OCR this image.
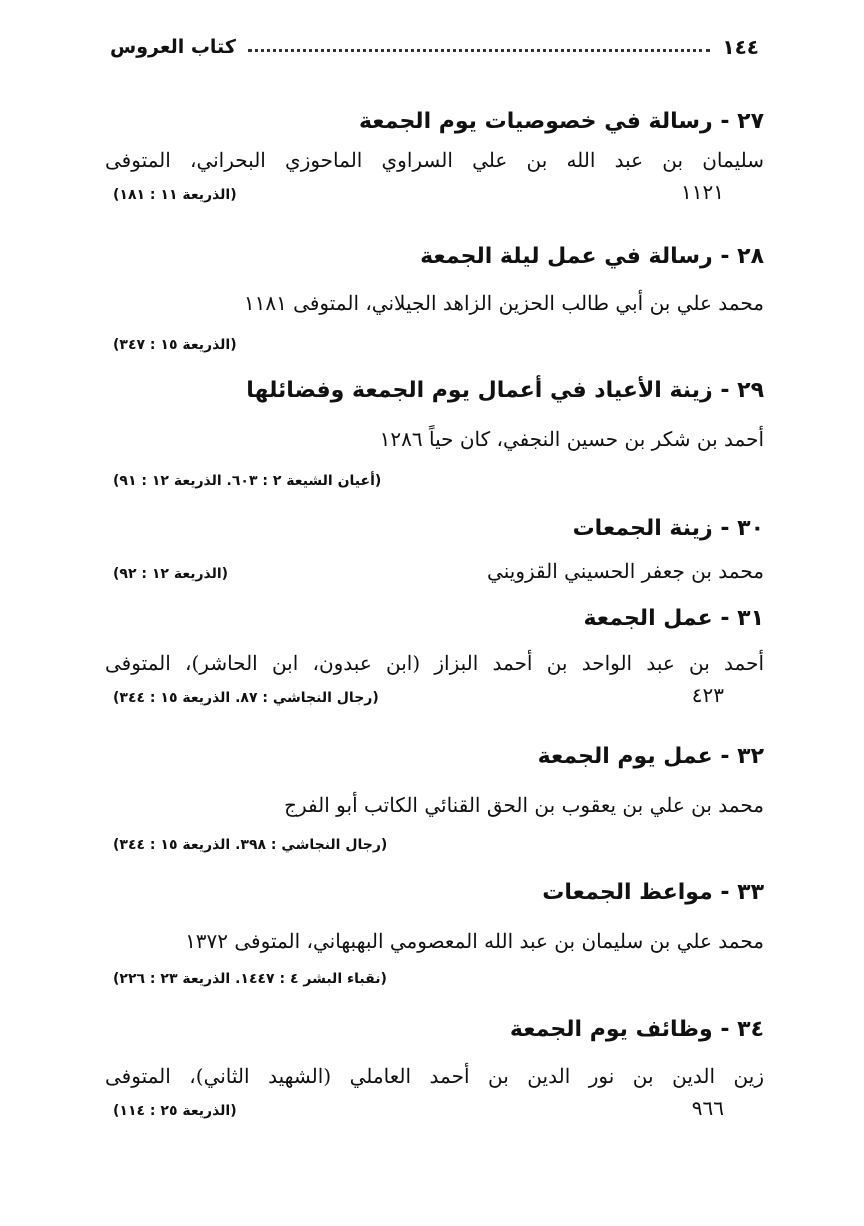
١٤٤
كتاب العروس
٢٧ - رسالة في خصوصيات يوم الجمعة
سليمان بن عبد الله بن علي السراوي الماحوزي البحراني، المتوفى
١١٢١
(الذريعة ١١ : ١٨١)
٢٨ - رسالة في عمل ليلة الجمعة
محمد علي بن أبي طالب الحزين الزاهد الجيلاني، المتوفى ١١٨١
(الذريعة ١٥ : ٣٤٧)
٢٩ - زينة الأعياد في أعمال يوم الجمعة وفضائلها
أحمد بن شكر بن حسين النجفي، كان حياً ١٢٨٦
(أعيان الشيعة ٢ : ٦٠٣. الذريعة ١٢ : ٩١)
٣٠ - زينة الجمعات
محمد بن جعفر الحسيني القزويني
(الذريعة ١٢ : ٩٢)
٣١ - عمل الجمعة
أحمد بن عبد الواحد بن أحمد البزاز (ابن عبدون، ابن الحاشر)، المتوفى
٤٢٣
(رجال النجاشي : ٨٧. الذريعة ١٥ : ٣٤٤)
٣٢ - عمل يوم الجمعة
محمد بن علي بن يعقوب بن الحق القنائي الكاتب أبو الفرج
(رجال النجاشي : ٣٩٨. الذريعة ١٥ : ٣٤٤)
٣٣ - مواعظ الجمعات
محمد علي بن سليمان بن عبد الله المعصومي البهبهاني، المتوفى ١٣٧٢
(نقباء البشر ٤ : ١٤٤٧. الذريعة ٢٣ : ٢٢٦)
٣٤ - وظائف يوم الجمعة
زين الدين بن نور الدين بن أحمد العاملي (الشهيد الثاني)، المتوفى
٩٦٦
(الذريعة ٢٥ : ١١٤)
